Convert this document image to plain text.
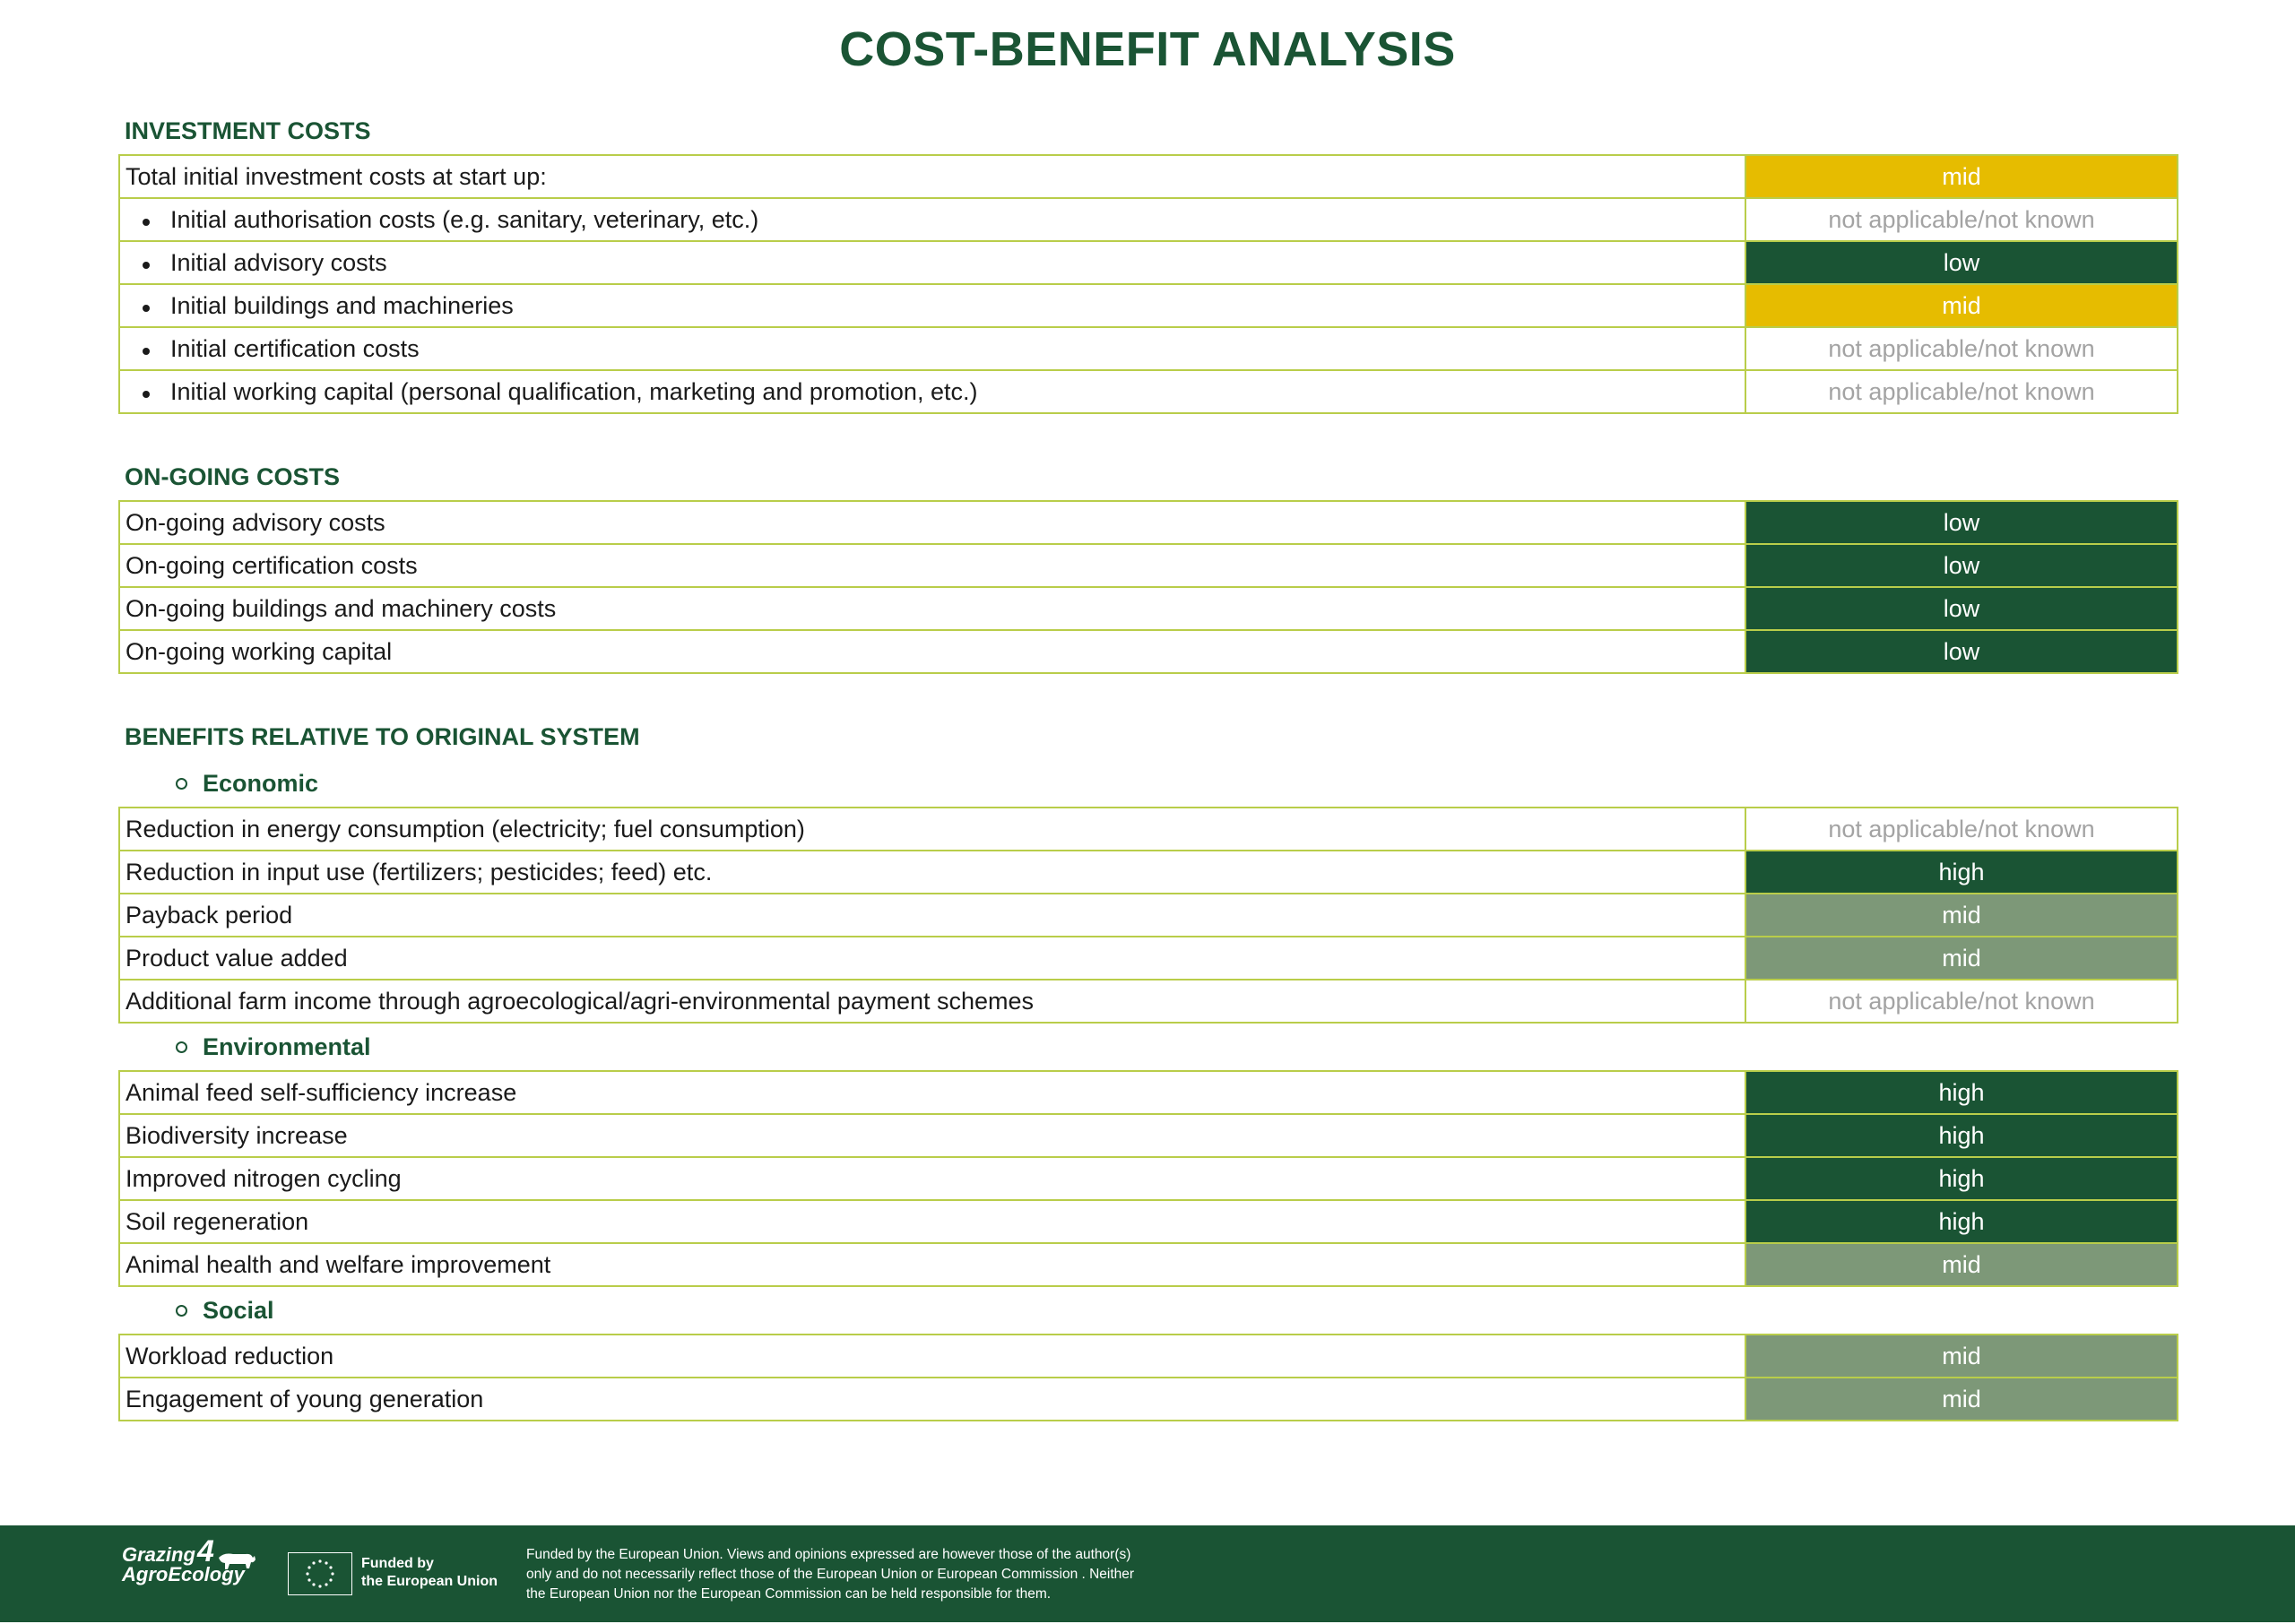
COST-BENEFIT ANALYSIS
INVESTMENT COSTS
Total initial investment costs at start up:	mid
Initial authorisation costs (e.g. sanitary, veterinary, etc.)	not applicable/not known
Initial advisory costs	low
Initial buildings and machineries	mid
Initial certification costs	not applicable/not known
Initial working capital (personal qualification, marketing and promotion, etc.)	not applicable/not known
ON-GOING COSTS
On-going advisory costs	low
On-going certification costs	low
On-going buildings and machinery costs	low
On-going working capital	low
BENEFITS RELATIVE TO ORIGINAL SYSTEM
Economic
Reduction in energy consumption (electricity; fuel consumption)	not applicable/not known
Reduction in input use (fertilizers; pesticides; feed) etc.	high
Payback period	mid
Product value added	mid
Additional farm income through agroecological/agri-environmental payment schemes	not applicable/not known
Environmental
Animal feed self-sufficiency increase	high
Biodiversity increase	high
Improved nitrogen cycling	high
Soil regeneration	high
Animal health and welfare improvement	mid
Social
Workload reduction	mid
Engagement of young generation	mid
Grazing
AgroEcology
4	Funded by
the European Union
Funded by the European Union. Views and opinions expressed are however those of the author(s)
only and do not necessarily reflect those of the European Union or European Commission . Neither
the European Union nor the European Commission can be held responsible for them.
